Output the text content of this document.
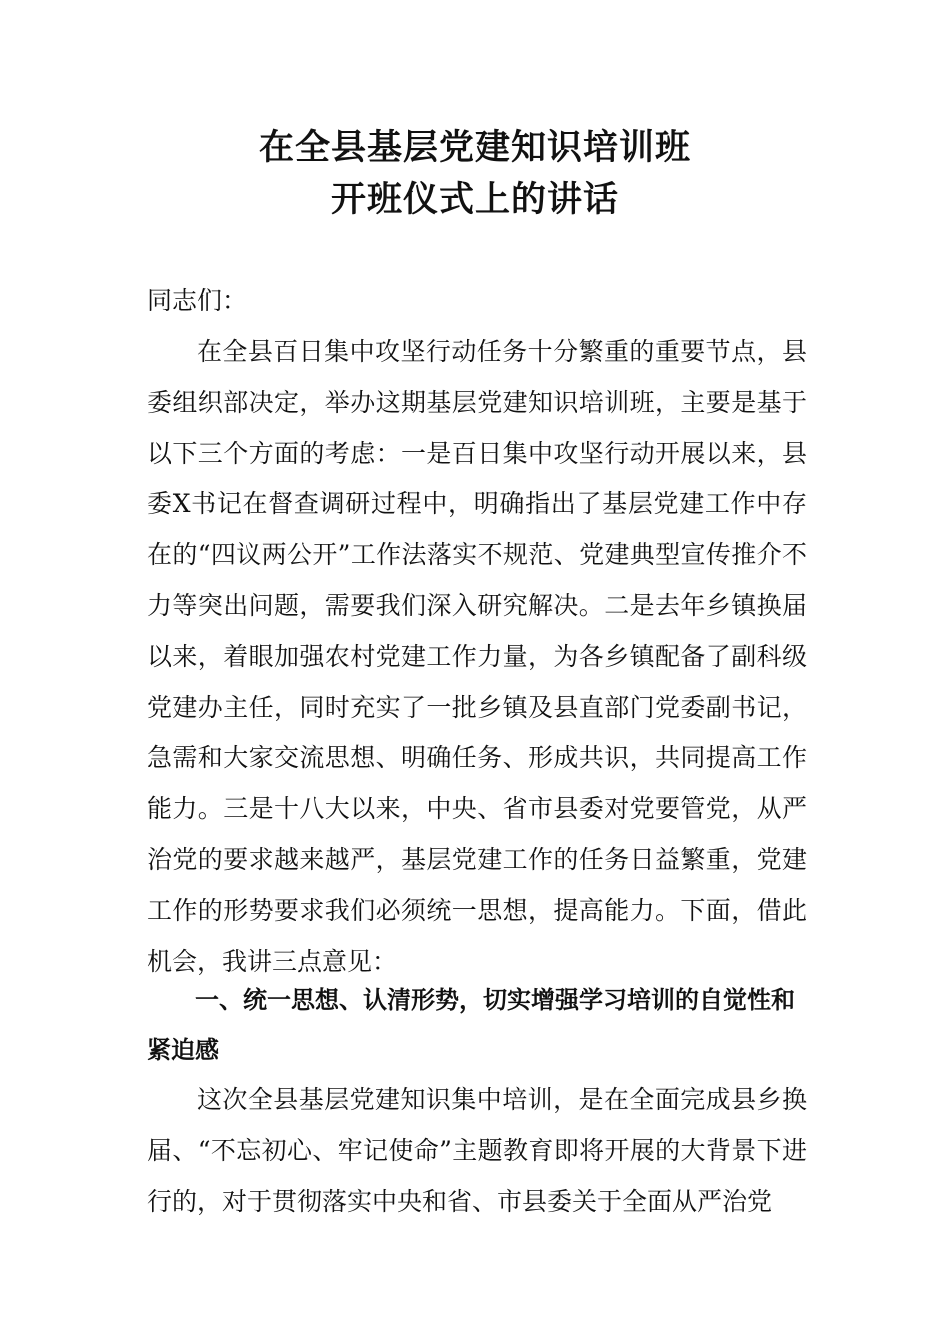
在全县基层党建知识培训班
开班仪式上的讲话

同志们：

在全县百日集中攻坚行动任务十分繁重的重要节点，县委组织部决定，举办这期基层党建知识培训班，主要是基于以下三个方面的考虑：一是百日集中攻坚行动开展以来，县委X书记在督查调研过程中，明确指出了基层党建工作中存在的“四议两公开”工作法落实不规范、党建典型宣传推介不力等突出问题，需要我们深入研究解决。二是去年乡镇换届以来，着眼加强农村党建工作力量，为各乡镇配备了副科级党建办主任，同时充实了一批乡镇及县直部门党委副书记，急需和大家交流思想、明确任务、形成共识，共同提高工作能力。三是十八大以来，中央、省市县委对党要管党，从严治党的要求越来越严，基层党建工作的任务日益繁重，党建工作的形势要求我们必须统一思想，提高能力。下面，借此机会，我讲三点意见：

一、统一思想、认清形势，切实增强学习培训的自觉性和紧迫感

这次全县基层党建知识集中培训，是在全面完成县乡换届、“不忘初心、牢记使命”主题教育即将开展的大背景下进行的，对于贯彻落实中央和省、市县委关于全面从严治党
